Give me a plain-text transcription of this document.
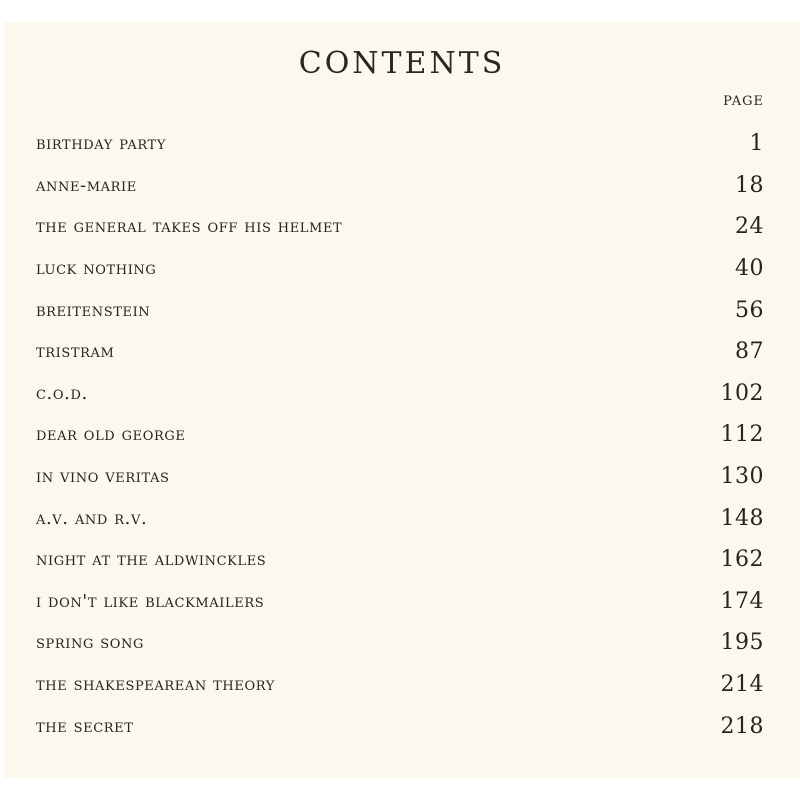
CONTENTS
PAGE
birthday party	1
anne-marie	18
the general takes off his helmet	24
luck nothing	40
breitenstein	56
tristram	87
c.o.d.	102
dear old george	112
in vino veritas	130
a.v. and r.v.	148
night at the aldwinckles	162
i don't like blackmailers	174
spring song	195
the shakespearean theory	214
the secret	218
